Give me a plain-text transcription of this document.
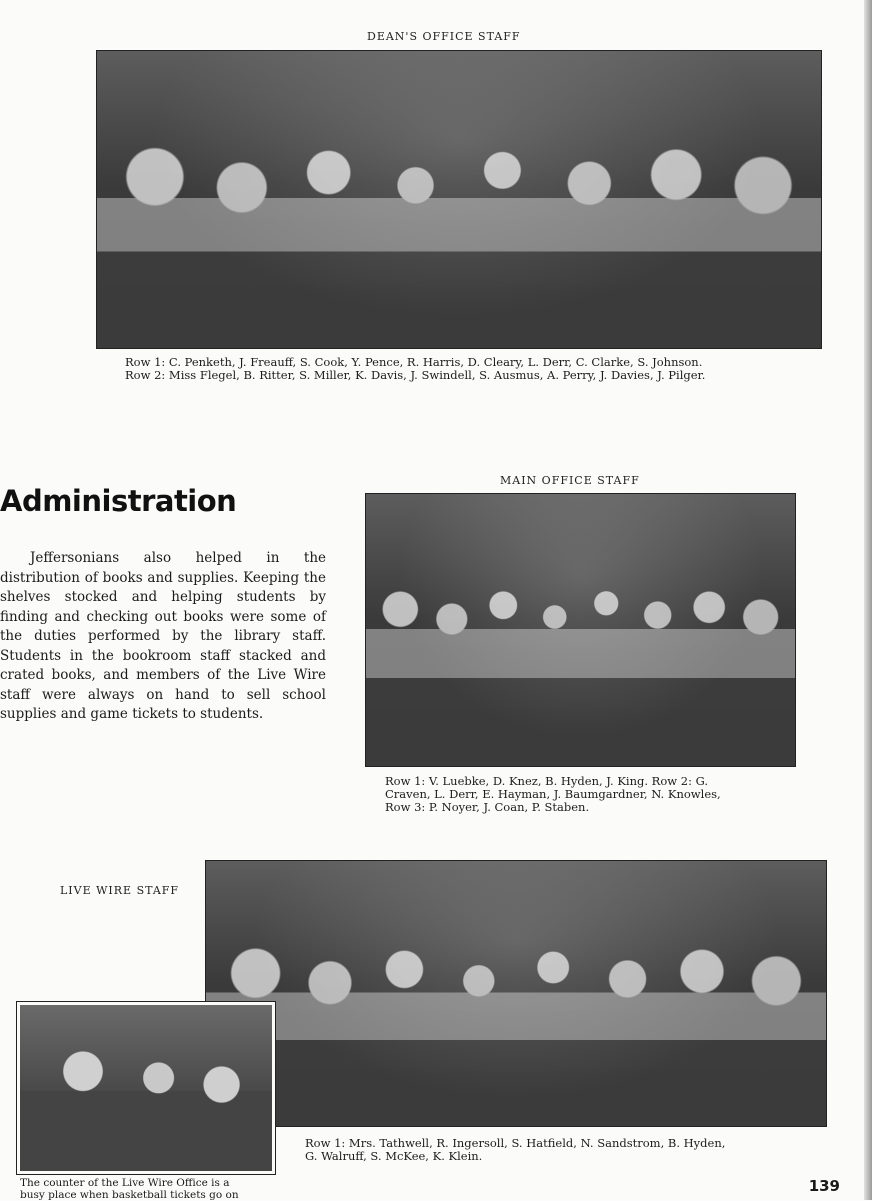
DEAN'S OFFICE STAFF
Row 1: C. Penketh, J. Freauff, S. Cook, Y. Pence, R. Harris, D. Cleary, L. Derr, C. Clarke, S. Johnson.
Row 2: Miss Flegel, B. Ritter, S. Miller, K. Davis, J. Swindell, S. Ausmus, A. Perry, J. Davies, J. Pilger.
Administration

Jeffersonians also helped in the distribution of books and supplies. Keeping the shelves stocked and helping students by finding and checking out books were some of the duties performed by the library staff. Students in the bookroom staff stacked and crated books, and members of the Live Wire staff were always on hand to sell school supplies and game tickets to students.

MAIN OFFICE STAFF
Row 1: V. Luebke, D. Knez, B. Hyden, J. King. Row 2: G.
Craven, L. Derr, E. Hayman, J. Baumgardner, N. Knowles,
Row 3: P. Noyer, J. Coan, P. Staben.
LIVE WIRE STAFF
Row 1: Mrs. Tathwell, R. Ingersoll, S. Hatfield, N. Sandstrom, B. Hyden,
G. Walruff, S. McKee, K. Klein.
The counter of the Live Wire Office is a
busy place when basketball tickets go on	139
